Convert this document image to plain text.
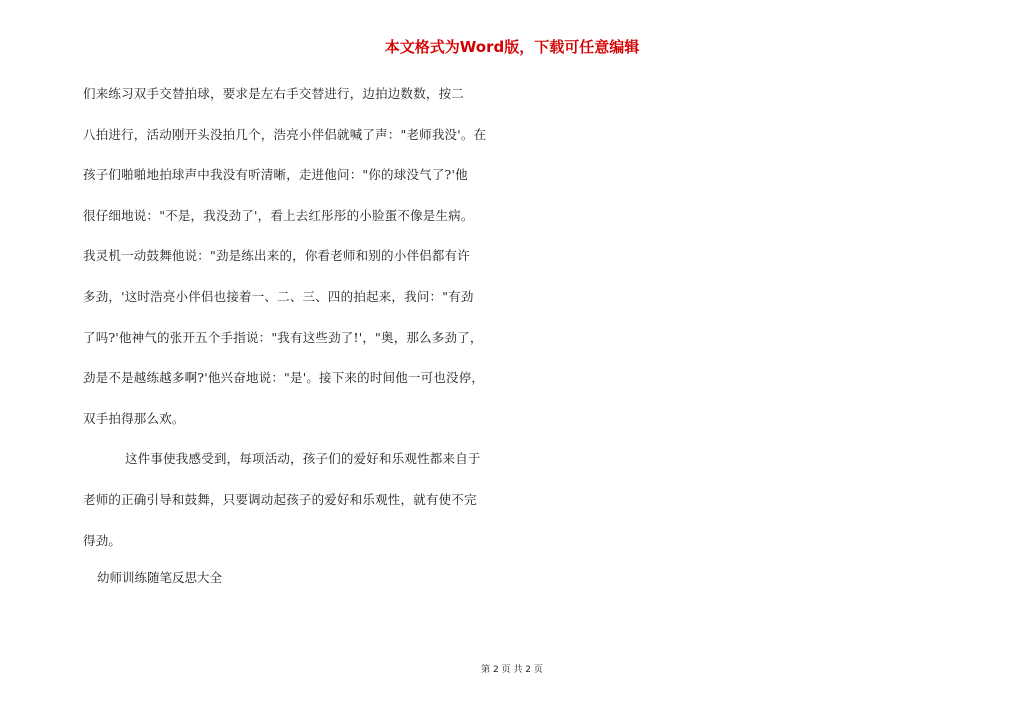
本文格式为Word版，下载可任意编辑
们来练习双手交替拍球，要求是左右手交替进行，边拍边数数，按二
八拍进行，活动刚开头没拍几个，浩亮小伴侣就喊了声："老师我没'。在
孩子们啪啪地拍球声中我没有听清晰，走进他问："你的球没气了?'他
很仔细地说："不是，我没劲了'，看上去红彤彤的小脸蛋不像是生病。
我灵机一动鼓舞他说："劲是练出来的，你看老师和别的小伴侣都有许
多劲，'这时浩亮小伴侣也接着一、二、三、四的拍起来，我问："有劲
了吗?'他神气的张开五个手指说："我有这些劲了!'，"奥，那么多劲了，
劲是不是越练越多啊?'他兴奋地说："是'。接下来的时间他一可也没停，
双手拍得那么欢。
这件事使我感受到，每项活动，孩子们的爱好和乐观性都来自于
老师的正确引导和鼓舞，只要调动起孩子的爱好和乐观性，就有使不完
得劲。
幼师训练随笔反思大全
第 2 页 共 2 页
